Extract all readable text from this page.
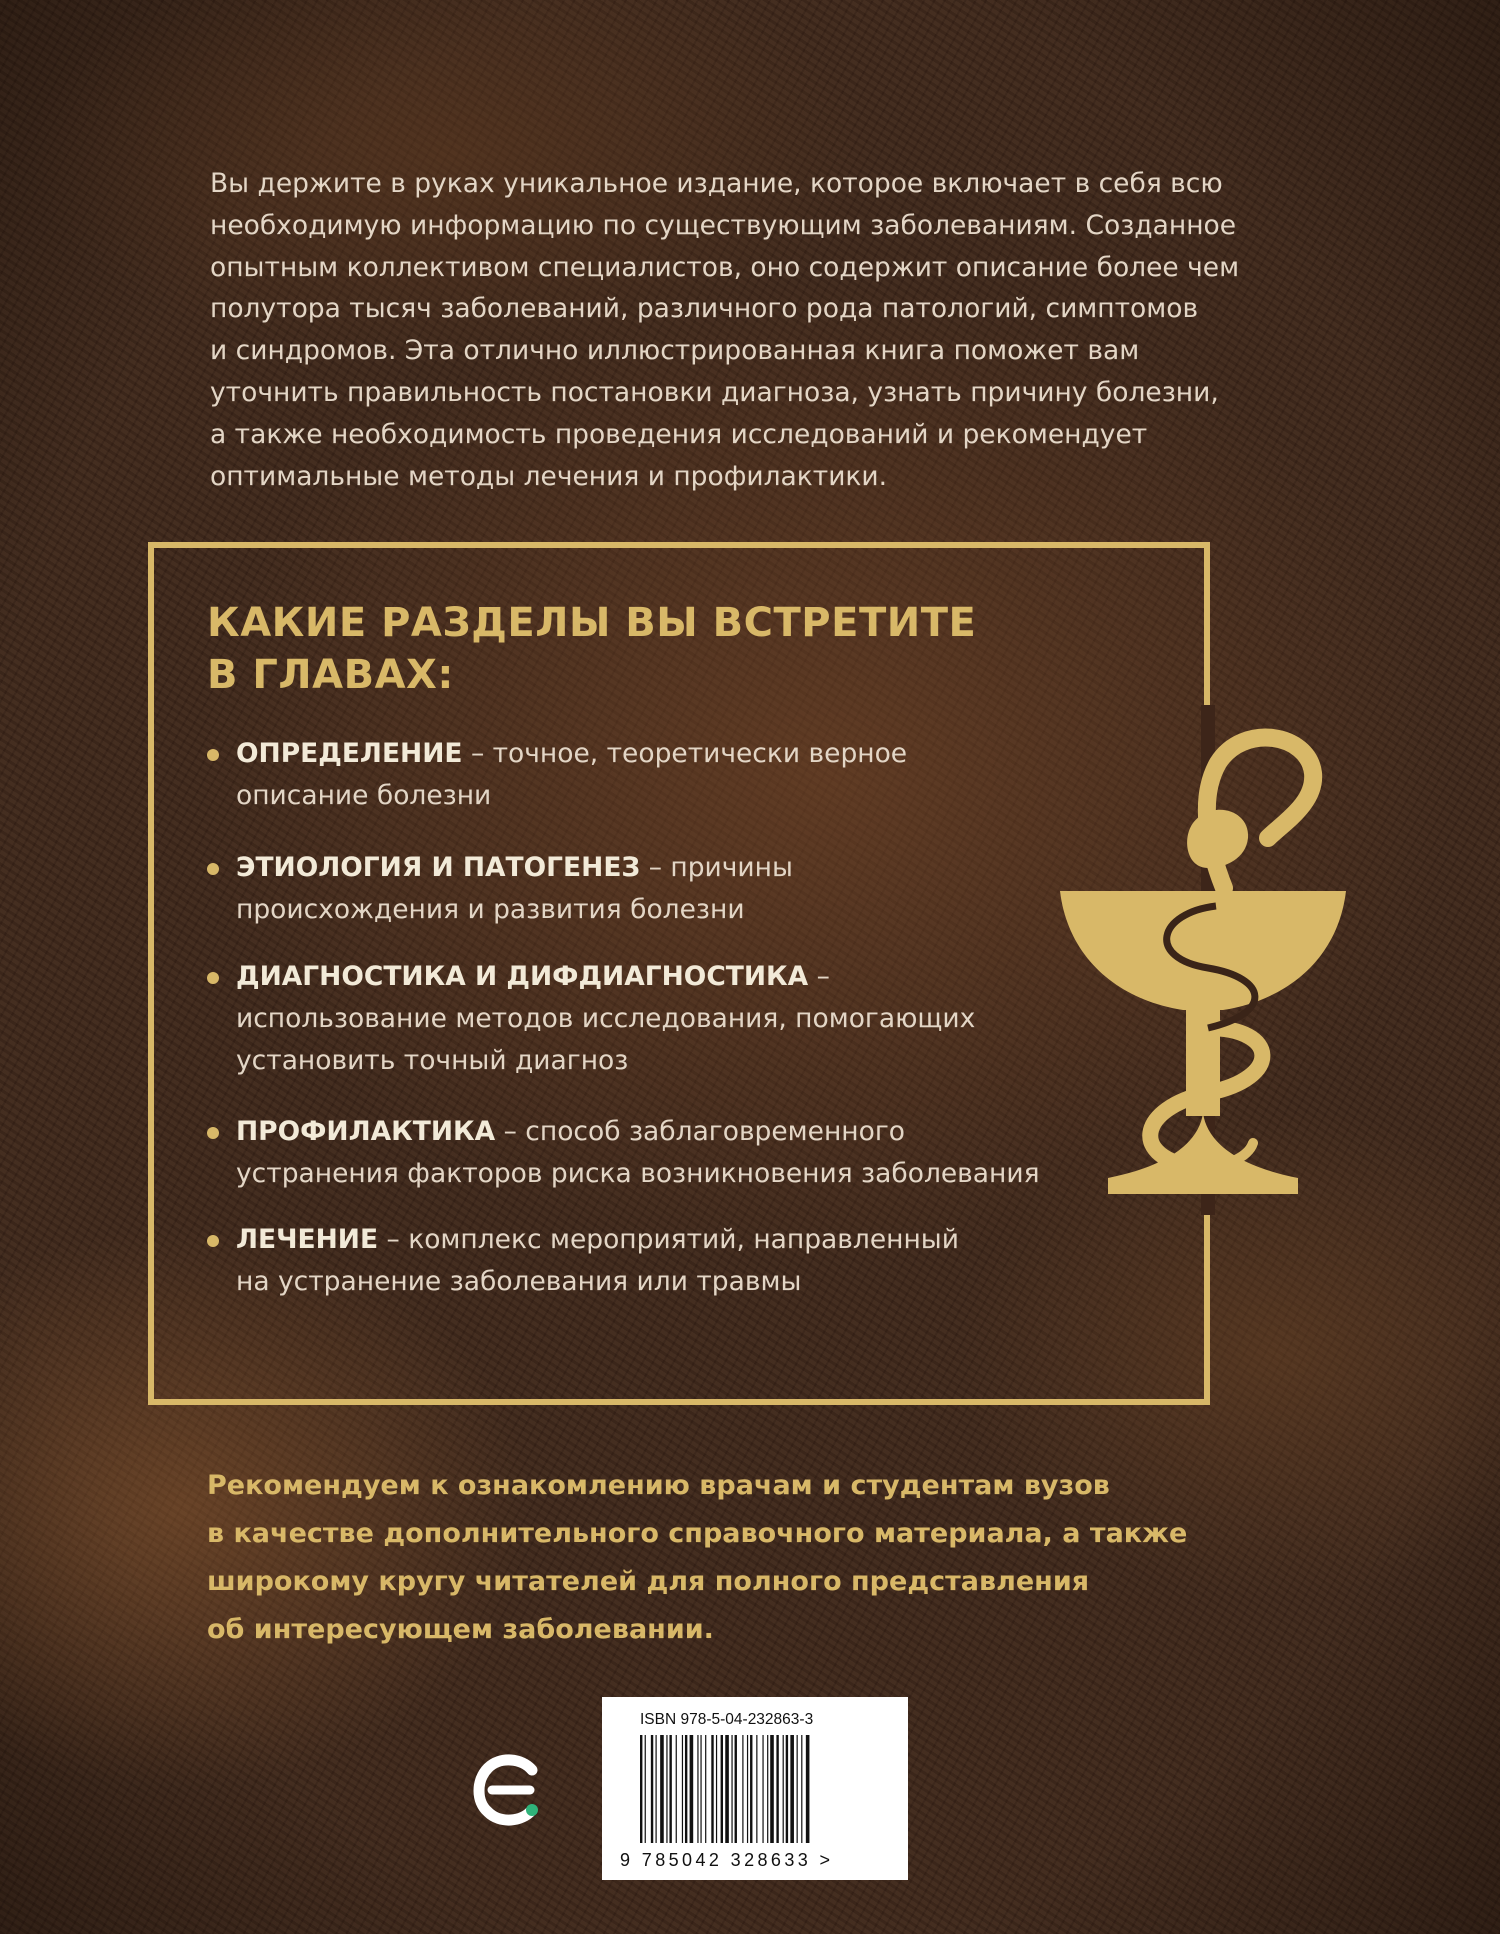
Вы держите в руках уникальное издание, которое включает в себя всю
необходимую информацию по существующим заболеваниям. Созданное
опытным коллективом специалистов, оно содержит описание более чем
полутора тысяч заболеваний, различного рода патологий, симптомов
и синдромов. Эта отлично иллюстрированная книга поможет вам
уточнить правильность постановки диагноза, узнать причину болезни,
а также необходимость проведения исследований и рекомендует
оптимальные методы лечения и профилактики.
КАКИЕ РАЗДЕЛЫ ВЫ ВСТРЕТИТЕ
В ГЛАВАХ:
ОПРЕДЕЛЕНИЕ – точное, теоретически верное
описание болезни
ЭТИОЛОГИЯ И ПАТОГЕНЕЗ – причины
происхождения и развития болезни
ДИАГНОСТИКА И ДИФДИАГНОСТИКА –
использование методов исследования, помогающих
установить точный диагноз
ПРОФИЛАКТИКА – способ заблаговременного
устранения факторов риска возникновения заболевания
ЛЕЧЕНИЕ – комплекс мероприятий, направленный
на устранение заболевания или травмы
Рекомендуем к ознакомлению врачам и студентам вузов
в качестве дополнительного справочного материала, а также
широкому кругу читателей для полного представления
об интересующем заболевании.
ISBN 978-5-04-232863-3
9 785042 328633 >
